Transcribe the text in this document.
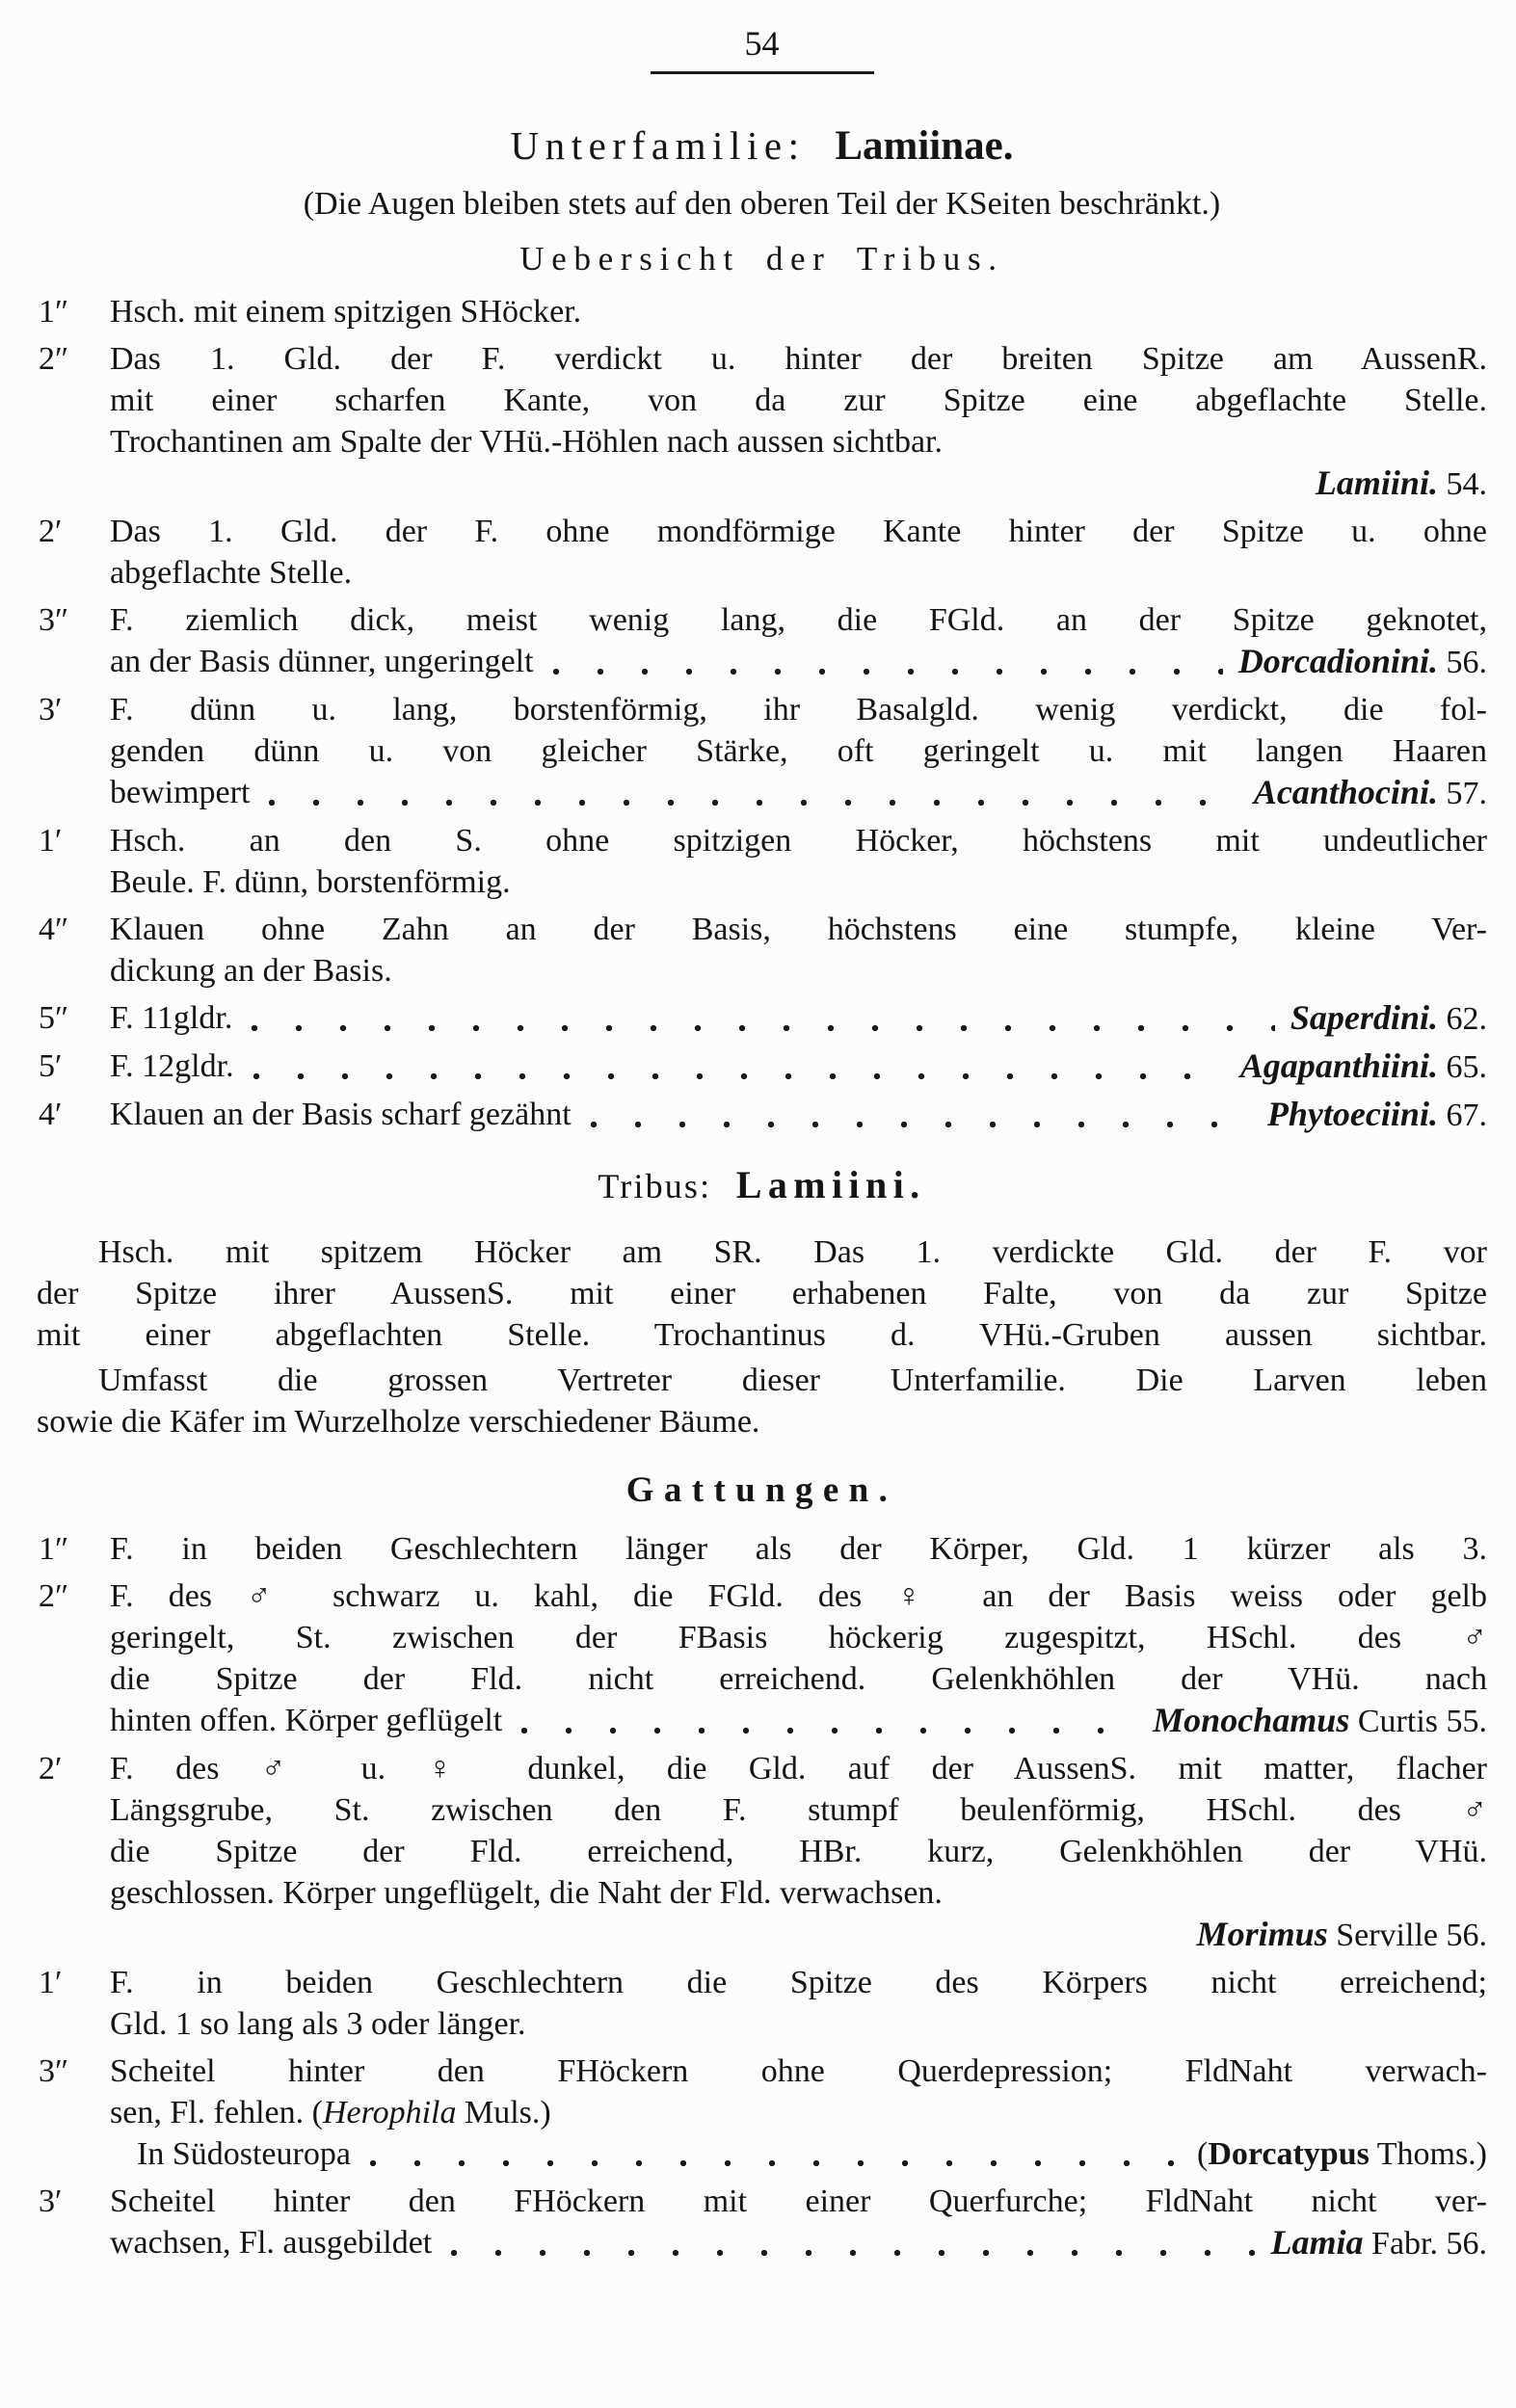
54
Unterfamilie: Lamiinae.
(Die Augen bleiben stets auf den oberen Teil der KSeiten beschränkt.)
Uebersicht der Tribus.
1″ Hsch. mit einem spitzigen SHöcker.
2″ Das 1. Gld. der F. verdickt u. hinter der breiten Spitze am AussenR.
mit einer scharfen Kante, von da zur Spitze eine abgeflachte Stelle.
Trochantinen am Spalte der VHü.-Höhlen nach aussen sichtbar.
Lamiini. 54.
2′ Das 1. Gld. der F. ohne mondförmige Kante hinter der Spitze u. ohne
abgeflachte Stelle.
3″ F. ziemlich dick, meist wenig lang, die FGld. an der Spitze geknotet,
an der Basis dünner, ungeringelt	Dorcadionini. 56.
3′ F. dünn u. lang, borstenförmig, ihr Basalgld. wenig verdickt, die fol-
genden dünn u. von gleicher Stärke, oft geringelt u. mit langen Haaren
bewimpert	Acanthocini. 57.
1′ Hsch. an den S. ohne spitzigen Höcker, höchstens mit undeutlicher
Beule. F. dünn, borstenförmig.
4″ Klauen ohne Zahn an der Basis, höchstens eine stumpfe, kleine Ver-
dickung an der Basis.
5″ F. 11gldr.	Saperdini. 62.
5′ F. 12gldr.	Agapanthiini. 65.
4′ Klauen an der Basis scharf gezähnt	Phytoeciini. 67.
Tribus: Lamiini.
Hsch. mit spitzem Höcker am SR. Das 1. verdickte Gld. der F. vor
der Spitze ihrer AussenS. mit einer erhabenen Falte, von da zur Spitze
mit einer abgeflachten Stelle. Trochantinus d. VHü.-Gruben aussen sichtbar.
Umfasst die grossen Vertreter dieser Unterfamilie. Die Larven leben
sowie die Käfer im Wurzelholze verschiedener Bäume.
Gattungen.
1″ F. in beiden Geschlechtern länger als der Körper, Gld. 1 kürzer als 3.
2″ F. des ♂ schwarz u. kahl, die FGld. des ♀ an der Basis weiss oder gelb
geringelt, St. zwischen der FBasis höckerig zugespitzt, HSchl. des ♂
die Spitze der Fld. nicht erreichend. Gelenkhöhlen der VHü. nach
hinten offen. Körper geflügelt	Monochamus Curtis 55.
2′ F. des ♂ u. ♀ dunkel, die Gld. auf der AussenS. mit matter, flacher
Längsgrube, St. zwischen den F. stumpf beulenförmig, HSchl. des ♂
die Spitze der Fld. erreichend, HBr. kurz, Gelenkhöhlen der VHü.
geschlossen. Körper ungeflügelt, die Naht der Fld. verwachsen.
Morimus Serville 56.
1′ F. in beiden Geschlechtern die Spitze des Körpers nicht erreichend;
Gld. 1 so lang als 3 oder länger.
3″ Scheitel hinter den FHöckern ohne Querdepression; FldNaht verwach-
sen, Fl. fehlen. (Herophila Muls.)
In Südosteuropa	(Dorcatypus Thoms.)
3′ Scheitel hinter den FHöckern mit einer Querfurche; FldNaht nicht ver-
wachsen, Fl. ausgebildet	Lamia Fabr. 56.
